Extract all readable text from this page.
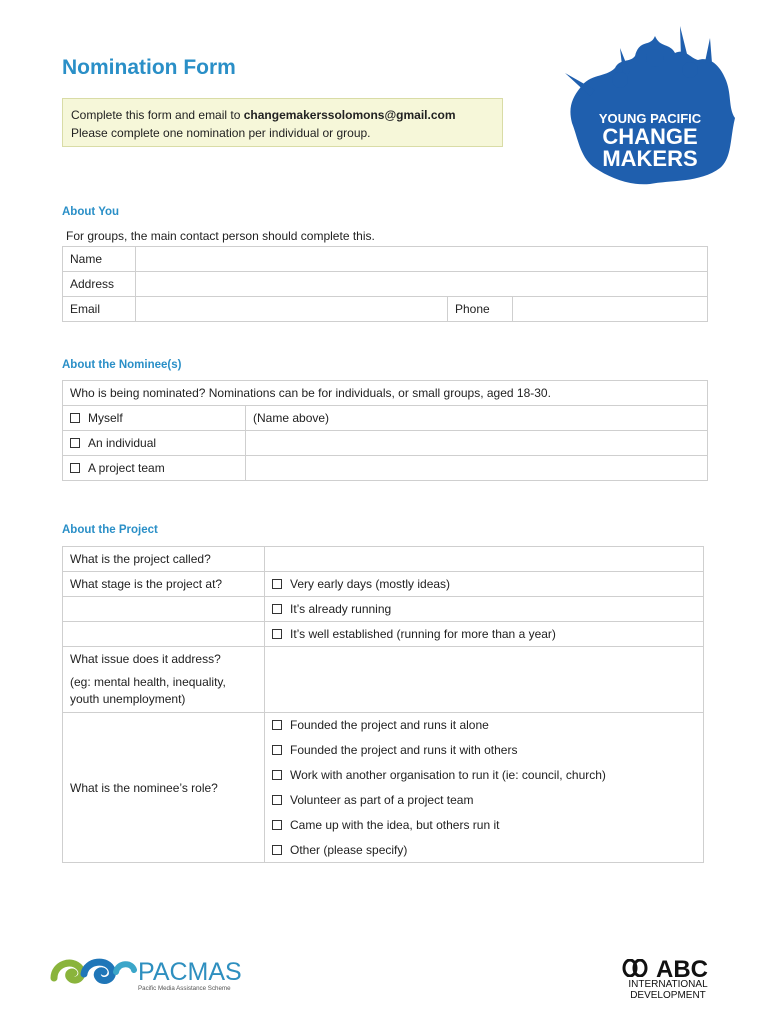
Nomination Form
Complete this form and email to changemakerssolomons@gmail.com
Please complete one nomination per individual or group.
YOUNG PACIFIC
CHANGE
MAKERS
About You
For groups, the main contact person should complete this.
Name			
Address			
Email		Phone	
About the Nominee(s)
Who is being nominated? Nominations can be for individuals, or small groups, aged 18-30.	
Myself	(Name above)
An individual	
A project team	
About the Project
What is the project called?	
What stage is the project at?	Very early days (mostly ideas)
	It’s already running
	It’s well established (running for more than a year)

What issue does it address?
(eg: mental health, inequality, youth unemployment)	

What is the nominee’s role?	Founded the project and runs it alone
	Founded the project and runs it with others
	Work with another organisation to run it (ie: council, church)
	Volunteer as part of a project team
	Came up with the idea, but others run it
	Other (please specify)
PACMAS
Pacific Media Assistance Scheme
ABC
INTERNATIONAL
DEVELOPMENT
